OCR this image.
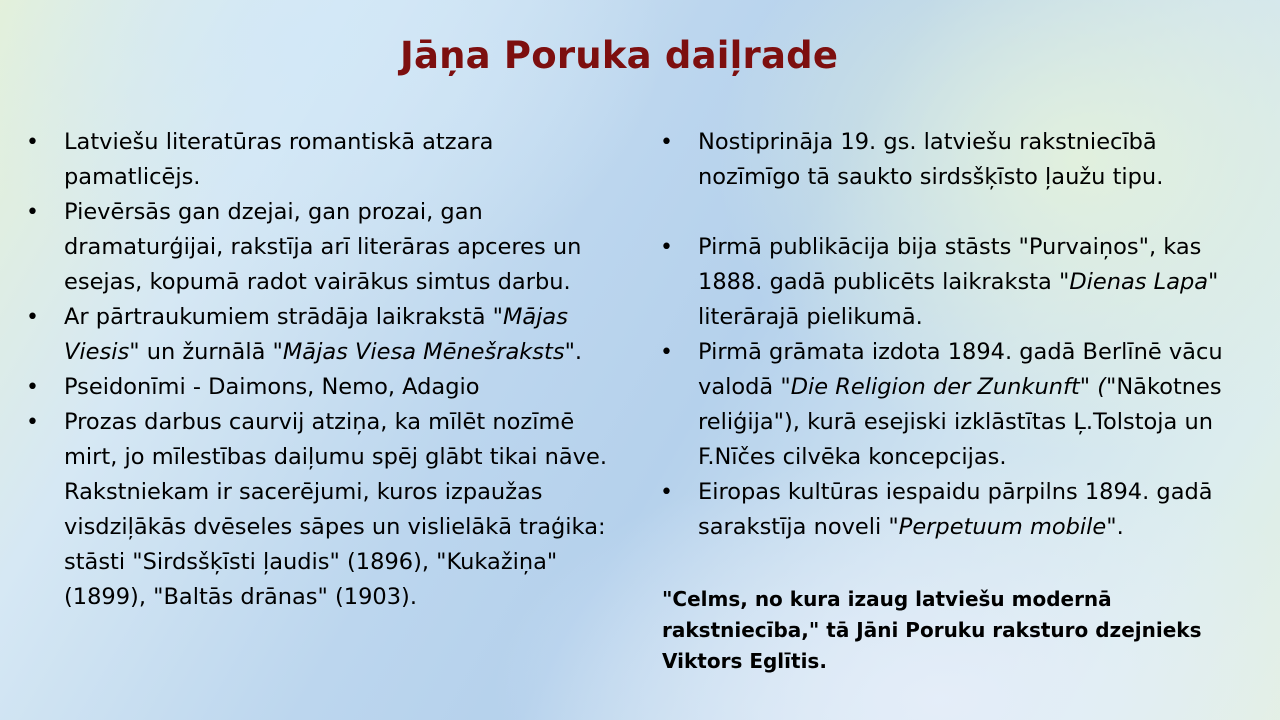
Jāņa Poruka daiļrade
• Latviešu literatūras romantiskā atzara pamatlicējs.
• Pievērsās gan dzejai, gan prozai, gan dramaturģijai, rakstīja arī literāras apceres un esejas, kopumā radot vairākus simtus darbu.
• Ar pārtraukumiem strādāja laikrakstā "Mājas Viesis" un žurnālā "Mājas Viesa Mēnešraksts".
• Pseidonīmi - Daimons, Nemo, Adagio
• Prozas darbus caurvij atziņa, ka mīlēt nozīmē mirt, jo mīlestības daiļumu spēj glābt tikai nāve. Rakstniekam ir sacerējumi, kuros izpaužas visdziļākās dvēseles sāpes un vislielākā traģika: stāsti "Sirdsšķīsti ļaudis" (1896), "Kukažiņa" (1899), "Baltās drānas" (1903).
• Nostiprināja 19. gs. latviešu rakstniecībā nozīmīgo tā saukto sirdsšķīsto ļaužu tipu.
• Pirmā publikācija bija stāsts "Purvaiņos", kas 1888. gadā publicēts laikraksta "Dienas Lapa" literārajā pielikumā.
• Pirmā grāmata izdota 1894. gadā Berlīnē vācu valodā "Die Religion der Zunkunft" ("Nākotnes reliģija"), kurā esejiski izklāstītas Ļ.Tolstoja un F.Nīčes cilvēka koncepcijas.
• Eiropas kultūras iespaidu pārpilns 1894. gadā sarakstīja noveli "Perpetuum mobile".

"Celms, no kura izaug latviešu modernā rakstniecība," tā Jāni Poruku raksturo dzejnieks Viktors Eglītis.
